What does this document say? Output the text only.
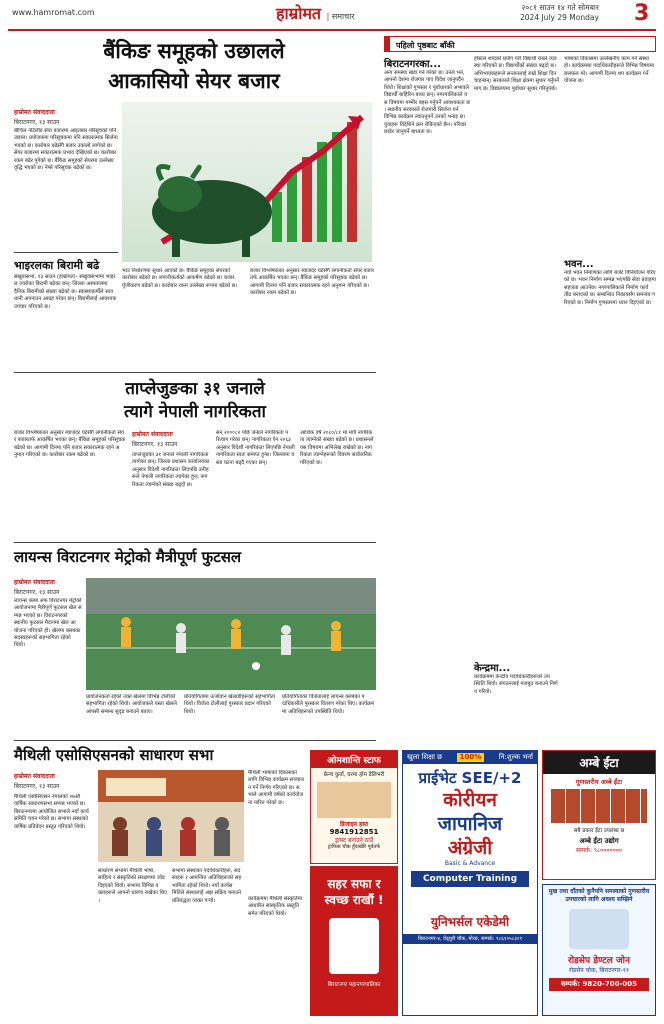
www.hamromat.com	हाम्रोमत | समाचार
२०८१ साउन १४ गते सोमबार
2024 July 29 Monday 3
बैंकिङ समूहको उछालले
आकासियो सेयर बजार
हाम्रोमत संवाददाता
बिराटनगर, १३ साउन
बीचिल नेटिलीड सेवा बजारमा आइतबार परिसूचको पनि उछाल। प्रयोजकमा परिसूचकमा पनि सकारात्मक सिर्जना भएको छ। कारोबार बढेसँगै बजार उकालो लागेको छ। सेयर बजारमा सकारात्मक प्रभाव देखिएको छ। कारोबार रकम बढेर पुगेको छ। बैंकिङ समूहको सेयरमा उल्लेख्य वृद्धि भएको छ। नेप्से परिसूचक बढेको छ।
भाउ निर्धारणमा सुधार आएको छ। बैंकिङ समूहका सेयरको कारोबार बढेको छ। लगानीकर्ताको आकर्षण बढेको छ। बजार पूँजीकरण बढेको छ। कारोबार रकम उल्लेख्य रूपमा बढेको छ।
बजार विश्लेषकका अनुसार ब्याजदर घटेसँगै लगानीकर्ता सेयर बजारतर्फ आकर्षित भएका छन्। बैंकिङ समूहको परिसूचक बढेको छ। आगामी दिनमा पनि बजार सकारात्मक रहने अनुमान गरिएको छ। कारोबार रकम बढेको छ।
भाइरलका बिरामी बढे
संखुवासभा, १३ साउन (हाम्रोमत)- संखुवासभामा भाइरल ज्वरोका बिरामी बढेका छन्। जिल्ला अस्पतालमा दैनिक बिरामीको संख्या बढेको छ। स्वास्थ्यकर्मीले सावधानी अपनाउन आग्रह गरेका छन्। बिरामीलाई आवश्यक उपचार गरिएको छ।
ताप्लेजुङका ३१ जनाले
त्यागे नेपाली नागरिकता
हाम्रोमत संवाददाता
बिराटनगर, १३ साउन
बजार विश्लेषकका अनुसार ब्याजदर घटेसँगै लगानीकर्ता सेयर बजारतर्फ आकर्षित भएका छन्। बैंकिङ समूहको परिसूचक बढेको छ। आगामी दिनमा पनि बजार सकारात्मक रहने अनुमान गरिएको छ। कारोबार रकम बढेको छ।	ताप्लेजुङका ३१ जनाले नेपाली नागरिकता त्यागेका छन्। जिल्ला प्रशासन कार्यालयका अनुसार विदेशी नागरिकता लिएपछि उनीहरूले नेपाली नागरिकता त्यागेका हुन्। नागरिकता त्याग्नेको संख्या बढ्दो छ।
सन् २०००८२ पछि जनाले नागरिकता परित्याग गरेका छन्। नागरिकता ऐन २०६३ अनुसार विदेशी नागरिकता लिएपछि नेपाली नागरिकता स्वतः समाप्त हुन्छ। जिल्लामा यस्ता घटना बढ्दै गएका छन्।
आर्थिक वर्ष २०८०/८१ मा मात्रै नागरिकता त्याग्नेको संख्या बढेको छ। प्रशासनले यस विषयमा अभिलेख राखेको छ। नागरिकता त्याग्नेहरूको विवरण सार्वजनिक गरिएको छ।
लायन्स विराटनगर मेट्रोको मैत्रीपूर्ण फुटसल
हाम्रोमत संवाददाता
बिराटनगर, १३ साउन
लायन्स क्लब अफ विराटनगर मेट्रोको आयोजनामा मैत्रीपूर्ण फुटसल खेल सम्पन्न भएको छ। विराटनगरको स्थानीय फुटसल मैदानमा खेल आयोजना गरिएको हो। खेलमा क्लबका सदस्यहरूको सहभागिता रहेको थियो।
प्रायोजनकर्ता रहेको उक्त खेलमा विभिन्न टोलीको सहभागिता रहेको थियो। आयोजकले यस्ता खेलले आपसी सम्बन्ध सुदृढ बनाउने बताए।
प्रतियोगितामा ऊर्जावान खेलाडीहरूको सहभागिता थियो। विजेता टोलीलाई पुरस्कार प्रदान गरिएको थियो।
प्रतियोगिताका विजेतालाई लायन्स क्लबका पदाधिकारीले पुरस्कार वितरण गरेका थिए। कार्यक्रममा अतिथिहरूको उपस्थिति थियो।
मैथिली एसोसिएसनको साधारण सभा
हाम्रोमत संवाददाता
बिराटनगर, १३ साउन
मैथिली एसोसिएसन नेपालको २७औं वार्षिक साधारणसभा सम्पन्न भएको छ। बिराटनगरमा आयोजित सभाले नयाँ कार्यसमिति चयन गरेको छ। सभामा संस्थाको वार्षिक प्रतिवेदन प्रस्तुत गरिएको थियो।
साधारण सभामा मैथिली भाषा, साहित्य र संस्कृतिको संरक्षणमा जोड दिइएको थियो। सभामा विभिन्न वक्ताहरूले आफ्नो धारणा राखेका थिए।
सभामा संस्थाका पदाधिकारीहरू, सदस्यहरू र आमन्त्रित अतिथिहरूको सहभागिता रहेको थियो। नयाँ कार्यसमितिले संस्थालाई अझ सक्रिय बनाउने प्रतिबद्धता व्यक्त गर्‍यो।
मैथिली भाषाको विकासका लागि विभिन्न कार्यक्रम सञ्चालन गर्ने निर्णय गरिएको छ। सभाले आगामी वर्षको कार्ययोजना पारित गरेको छ।
कार्यक्रममा मैथिली संस्कृतिमा आधारित सांस्कृतिक प्रस्तुति समेत गरिएको थियो।
पहिलो पृष्ठबाट बाँकी
बिराटनगरका...
अन्य समस्या खडा गर्ने गरेको छ। उनले भने, आफ्नो देशमा रोजगार पाए विदेश जानुपर्दैन थियो। शिक्षाको गुणस्तर र पूर्वाधारको अभावले विद्यार्थी बाहिरिन बाध्य छन्। नगरपालिकाले यस विषयमा गम्भीर बहस गर्नुपर्ने आवश्यकता छ। स्थानीय सरकारले रोजगारी सिर्जना गर्न विभिन्न कार्यक्रम ल्याउनुपर्ने उनको भनाइ छ। युवाहरू विदेशिने क्रम रोकिएको छैन। परिवार छाडेर जानुपर्ने बाध्यता छ।
होस्टल शब्दको प्रयोग गरी विद्यार्थी राख्ने व्यवस्था गरिएको छ। विद्यार्थीको संख्या बढ्दो छ। अभिभावकहरूले सन्तानलाई राम्रो शिक्षा दिन चाहन्छन्। सरकारले शिक्षा क्षेत्रमा सुधार गर्नुपर्ने माग छ। विद्यालयमा पूर्वाधार सुधार गरिनुपर्छ।
केन्द्रमा...
कार्यक्रममा केन्द्रीय पदाधिकारीहरूको उपस्थिति थियो। संगठनलाई मजबुत बनाउने निर्णय गरियो।
भाषाको विकासमा उल्लेखनीय काम गर्ने संस्था हो। कार्यक्रममा पदाधिकारीहरूले विभिन्न विषयमा छलफल गरे। आगामी दिनमा थप कार्यक्रम गर्ने योजना छ।
भवन...
नयाँ भवन निर्माणका लागि बजेट विनियोजन गरिएको छ। भवन निर्माण सम्पन्न भएपछि सेवा प्रवाहमा सहजता आउनेछ। नगरपालिकाले निर्माण कार्य तीव्र बनाएको छ। सम्बन्धित निकायसँग समन्वय गरिएको छ। निर्माण गुणस्तरमा ध्यान दिइएको छ।
ओमशान्ति स्टाफ
फ्रेन्च कुर्ता, घरमा होम डेलिभरी
डिजाइन हस्त
9841912851
ड्राफ्ट बनाउने ठाउँ
ट्राफिक चौक हुँदाखेरि पूर्वतर्फ
सहर सफा र स्वच्छ राखौं !
बिराटनगर महानगरपालिका
खुला शिक्षा छ	100%	नि:शुल्क भर्ना
प्राईभेट SEE/+2
कोरीयन
जापानिज
अंग्रेजी
Basic & Advance
Computer Training
युनिभर्सल एकेडेमी
बिराटनगर-४, वेद्शुरी चौक, मोरङ, सम्पर्क: ९८६१०५८३०१
अम्बे ईंटा
गुणस्तरीय अम्बे ईंटा
सबै प्रकार ईंटा उपलब्ध छ
अम्बे ईंटा उद्योग
सम्पर्क: ९८०००००००
मुख तथा दाँतको कुनैपनि समस्याको गुणस्तरीय उपचारको लागि अवश्य सम्झिने
रोडसेप डेण्टल जोन
रोडसेप चोक, बिराटनगर-११
सम्पर्क: 9820-700-005
